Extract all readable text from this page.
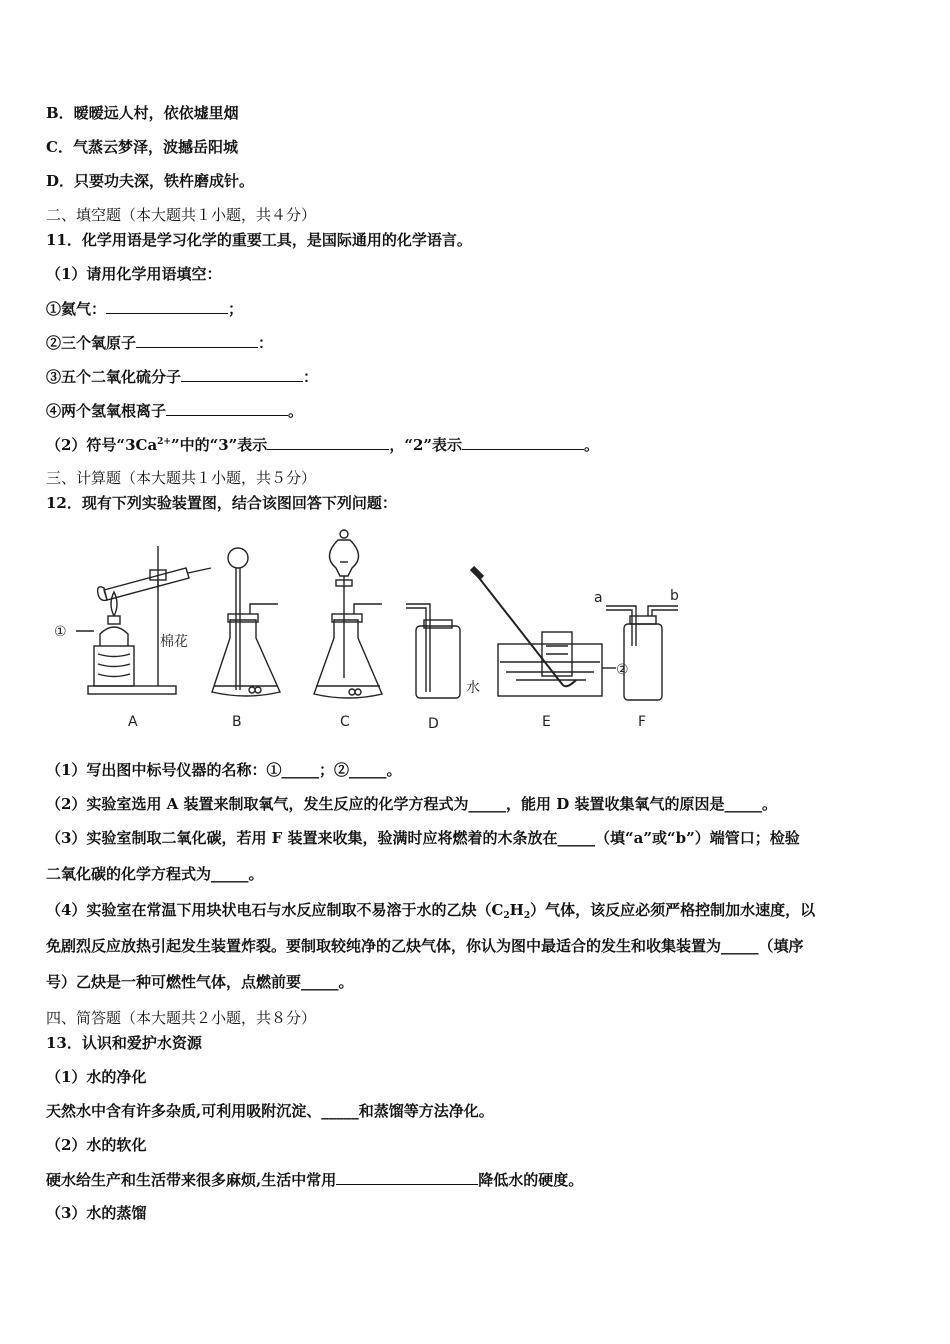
B．暧暧远人村，依依墟里烟
C．气蒸云梦泽，波撼岳阳城
D．只要功夫深，铁杵磨成针。
二、填空题（本大题共１小题，共４分）
11．化学用语是学习化学的重要工具，是国际通用的化学语言。
（1）请用化学用语填空：
①氦气：	；
②三个氧原子	：
③五个二氧化硫分子	：
④两个氢氧根离子	。
（2）符号“$3Ca^{2+}$”中的“3”表示	，“2”表示	。
三、计算题（本大题共１小题，共５分）
12．现有下列实验装置图，结合该图回答下列问题：
A	B	C	D	E	F
①
②
棉花
水
a	b
（1）写出图中标号仪器的名称：①_____；②_____。
（2）实验室选用 A 装置来制取氧气，发生反应的化学方程式为_____，能用 D 装置收集氧气的原因是_____。
（3）实验室制取二氧化碳，若用 F 装置来收集，验满时应将燃着的木条放在_____（填“a”或“b”）端管口；检验
二氧化碳的化学方程式为_____。
（4）实验室在常温下用块状电石与水反应制取不易溶于水的乙炔$(C_2H_2)$气体，该反应必须严格控制加水速度，以
免剧烈反应放热引起发生装置炸裂。要制取较纯净的乙炔气体，你认为图中最适合的发生和收集装置为_____（填序
号）乙炔是一种可燃性气体，点燃前要_____。
四、简答题（本大题共２小题，共８分）
13．认识和爱护水资源
（1）水的净化
天然水中含有许多杂质,可利用吸附沉淀、_____和蒸馏等方法净化。
（2）水的软化
硬水给生产和生活带来很多麻烦,生活中常用	降低水的硬度。
（3）水的蒸馏
